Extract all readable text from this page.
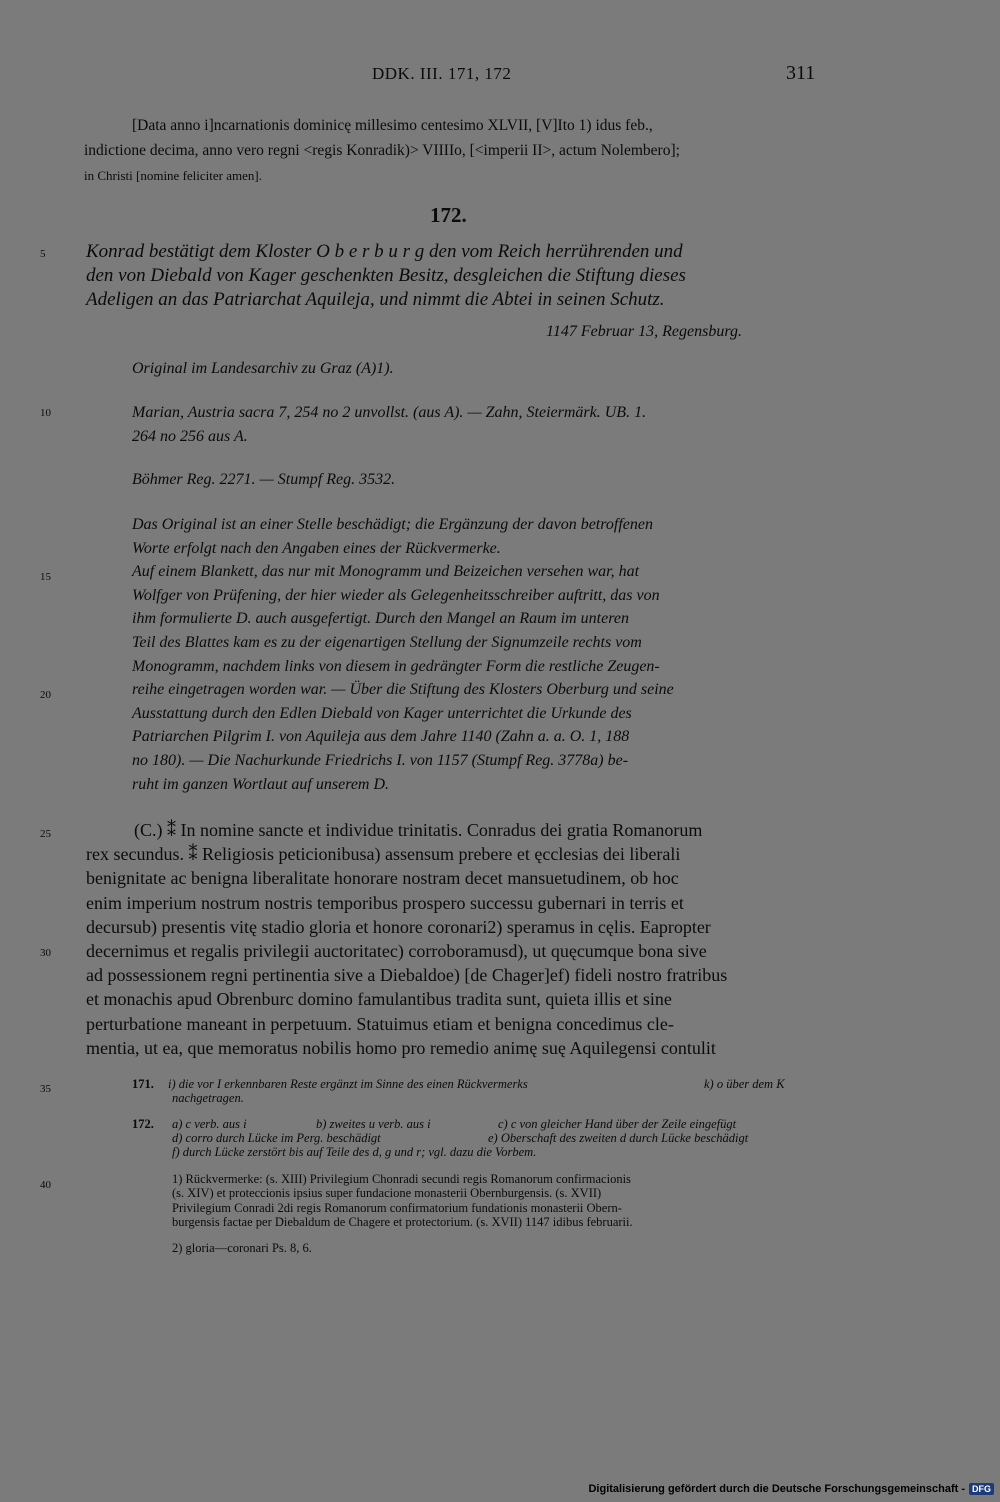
DDK. III. 171, 172	311
[Data anno i]ncarnationis dominicę millesimo centesimo XLVII, [V]Ito 1) idus feb.,
indictione decima, anno vero regni <regis Konradik)> VIIIIo, [<imperii II>, actum Nolembero];
in Christi [nomine feliciter amen].
172.
5
10
15
20
25
30
35
40
Konrad bestätigt dem Kloster O b e r b u r g den vom Reich herrührenden und
den von Diebald von Kager geschenkten Besitz, desgleichen die Stiftung dieses
Adeligen an das Patriarchat Aquileja, und nimmt die Abtei in seinen Schutz.
1147 Februar 13, Regensburg.
Original im Landesarchiv zu Graz (A)1).
Marian, Austria sacra 7, 254 no 2 unvollst. (aus A). — Zahn, Steiermärk. UB. 1.
264 no 256 aus A.
Böhmer Reg. 2271. — Stumpf Reg. 3532.
Das Original ist an einer Stelle beschädigt; die Ergänzung der davon betroffenen
Worte erfolgt nach den Angaben eines der Rückvermerke.
Auf einem Blankett, das nur mit Monogramm und Beizeichen versehen war, hat
Wolfger von Prüfening, der hier wieder als Gelegenheitsschreiber auftritt, das von
ihm formulierte D. auch ausgefertigt. Durch den Mangel an Raum im unteren
Teil des Blattes kam es zu der eigenartigen Stellung der Signumzeile rechts vom
Monogramm, nachdem links von diesem in gedrängter Form die restliche Zeugen-
reihe eingetragen worden war. — Über die Stiftung des Klosters Oberburg und seine
Ausstattung durch den Edlen Diebald von Kager unterrichtet die Urkunde des
Patriarchen Pilgrim I. von Aquileja aus dem Jahre 1140 (Zahn a. a. O. 1, 188
no 180). — Die Nachurkunde Friedrichs I. von 1157 (Stumpf Reg. 3778a) be-
ruht im ganzen Wortlaut auf unserem D.
(C.) ⁑ In nomine sancte et individue trinitatis. Conradus dei gratia Romanorum
rex secundus. ⁑ Religiosis peticionibusa) assensum prebere et ęcclesias dei liberali
benignitate ac benigna liberalitate honorare nostram decet mansuetudinem, ob hoc
enim imperium nostrum nostris temporibus prospero successu gubernari in terris et
decursub) presentis vitę stadio gloria et honore coronari2) speramus in cęlis. Eapropter
decernimus et regalis privilegii auctoritatec) corroboramusd), ut quęcumque bona sive
ad possessionem regni pertinentia sive a Diebaldoe) [de Chager]ef) fideli nostro fratribus
et monachis apud Obrenburc domino famulantibus tradita sunt, quieta illis et sine
perturbatione maneant in perpetuum. Statuimus etiam et benigna concedimus cle-
mentia, ut ea, que memoratus nobilis homo pro remedio animę suę Aquilegensi contulit
171. i) die vor I erkennbaren Reste ergänzt im Sinne des einen Rückvermerks	k) o über dem K
nachgetragen.
172. a) c verb. aus i	b) zweites u verb. aus i	c) c von gleicher Hand über der Zeile eingefügt
d) corro durch Lücke im Perg. beschädigt	e) Oberschaft des zweiten d durch Lücke beschädigt
f) durch Lücke zerstört bis auf Teile des d, g und r; vgl. dazu die Vorbem.
1) Rückvermerke: (s. XIII) Privilegium Chonradi secundi regis Romanorum confirmacionis
(s. XIV) et proteccionis ipsius super fundacione monasterii Obernburgensis. (s. XVII)
Privilegium Conradi 2di regis Romanorum confirmatorium fundationis monasterii Obern-
burgensis factae per Diebaldum de Chagere et protectorium. (s. XVII) 1147 idibus februarii.
2) gloria—coronari Ps. 8, 6.
Digitalisierung gefördert durch die Deutsche Forschungsgemeinschaft - DFG
